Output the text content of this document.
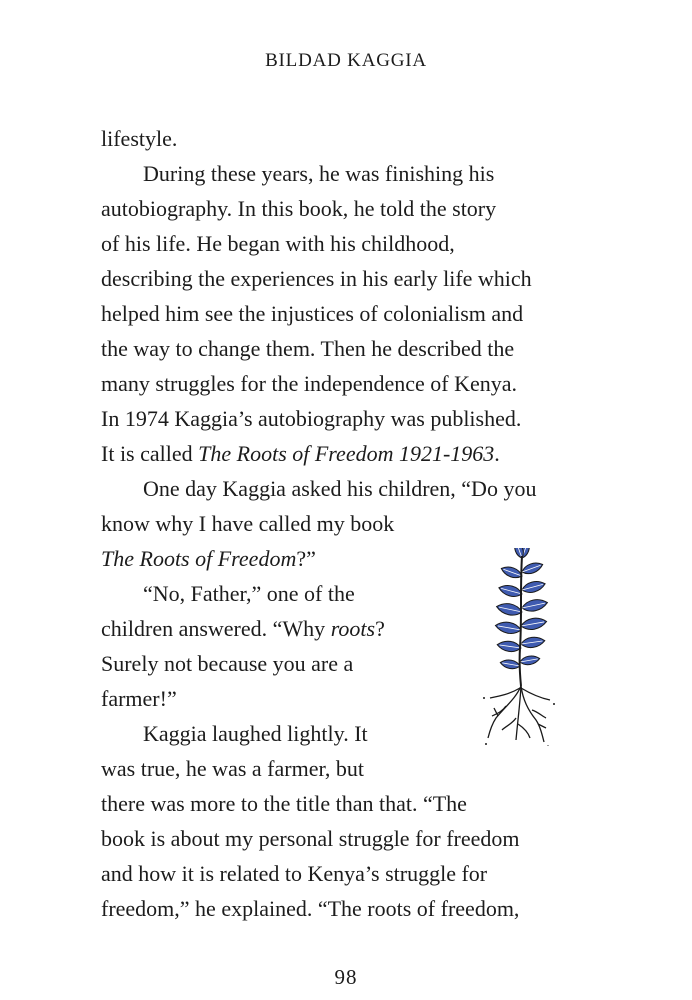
BILDAD KAGGIA
lifestyle.
During these years, he was finishing his
autobiography. In this book, he told the story
of his life. He began with his childhood,
describing the experiences in his early life which
helped him see the injustices of colonialism and
the way to change them. Then he described the
many struggles for the independence of Kenya.
In 1974 Kaggia’s autobiography was published.
It is called The Roots of Freedom 1921-1963.
One day Kaggia asked his children, “Do you
know why I have called my book
The Roots of Freedom?”
“No, Father,” one of the
children answered. “Why roots?
Surely not because you are a
farmer!”
Kaggia laughed lightly. It
was true, he was a farmer, but
there was more to the title than that. “The
book is about my personal struggle for freedom
and how it is related to Kenya’s struggle for
freedom,” he explained. “The roots of freedom,
98
